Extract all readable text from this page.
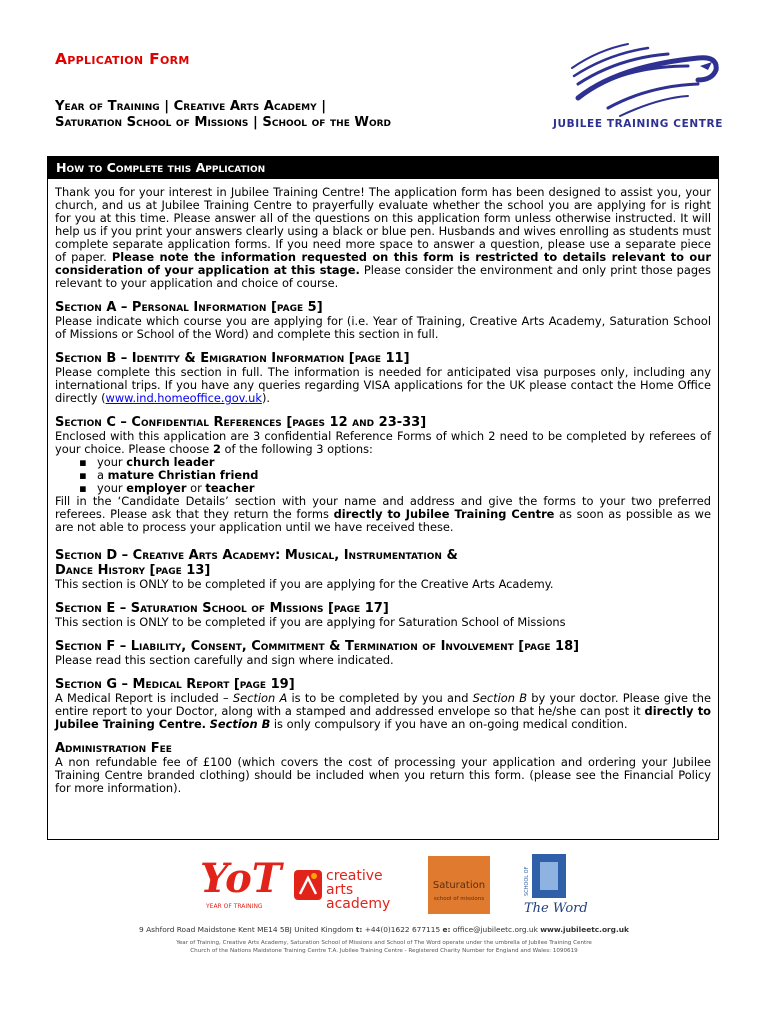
Application Form
Year of Training | Creative Arts Academy |
Saturation School of Missions | School of the Word	JUBILEE TRAINING CENTRE
How to Complete this Application

Thank you for your interest in Jubilee Training Centre! The application form has been designed to assist you, your church, and us at Jubilee Training Centre to prayerfully evaluate whether the school you are applying for is right for you at this time. Please answer all of the questions on this application form unless otherwise instructed. It will help us if you print your answers clearly using a black or blue pen. Husbands and wives enrolling as students must complete separate application forms. If you need more space to answer a question, please use a separate piece of paper. Please note the information requested on this form is restricted to details relevant to our consideration of your application at this stage. Please consider the environment and only print those pages relevant to your application and choice of course.

Section A – Personal Information [page 5]

Please indicate which course you are applying for (i.e. Year of Training, Creative Arts Academy, Saturation School of Missions or School of the Word) and complete this section in full.

Section B – Identity & Emigration Information [page 11]

Please complete this section in full. The information is needed for anticipated visa purposes only, including any international trips. If you have any queries regarding VISA applications for the UK please contact the Home Office directly (www.ind.homeoffice.gov.uk).

Section C – Confidential References [pages 12 and 23-33]

Enclosed with this application are 3 confidential Reference Forms of which 2 need to be completed by referees of your choice. Please choose 2 of the following 3 options:

▪ your church leader
▪ a mature Christian friend
▪ your employer or teacher

Fill in the ‘Candidate Details’ section with your name and address and give the forms to your two preferred referees. Please ask that they return the forms directly to Jubilee Training Centre as soon as possible as we are not able to process your application until we have received these.

Section D – Creative Arts Academy: Musical, Instrumentation &
Dance History [page 13]

This section is ONLY to be completed if you are applying for the Creative Arts Academy.

Section E – Saturation School of Missions [page 17]

This section is ONLY to be completed if you are applying for Saturation School of Missions

Section F – Liability, Consent, Commitment & Termination of Involvement [page 18]

Please read this section carefully and sign where indicated.

Section G – Medical Report [page 19]

A Medical Report is included – Section A is to be completed by you and Section B by your doctor. Please give the entire report to your Doctor, along with a stamped and addressed envelope so that he/she can post it directly to Jubilee Training Centre. Section B is only compulsory if you have an on-going medical condition.

Administration Fee

A non refundable fee of £100 (which covers the cost of processing your application and ordering your Jubilee Training Centre branded clothing) should be included when you return this form. (please see the Financial Policy for more information).

YoT
YEAR OF TRAINING
creative
arts
academy
Saturation
school of missions
SCHOOL OF
The Word
9 Ashford Road Maidstone Kent ME14 5BJ United Kingdom t: +44(0)1622 677115 e: office@jubileetc.org.uk www.jubileetc.org.uk
Year of Training, Creative Arts Academy, Saturation School of Missions and School of The Word operate under the umbrella of Jubilee Training Centre
Church of the Nations Maidstone Training Centre T.A. Jubilee Training Centre - Registered Charity Number for England and Wales: 1090619
